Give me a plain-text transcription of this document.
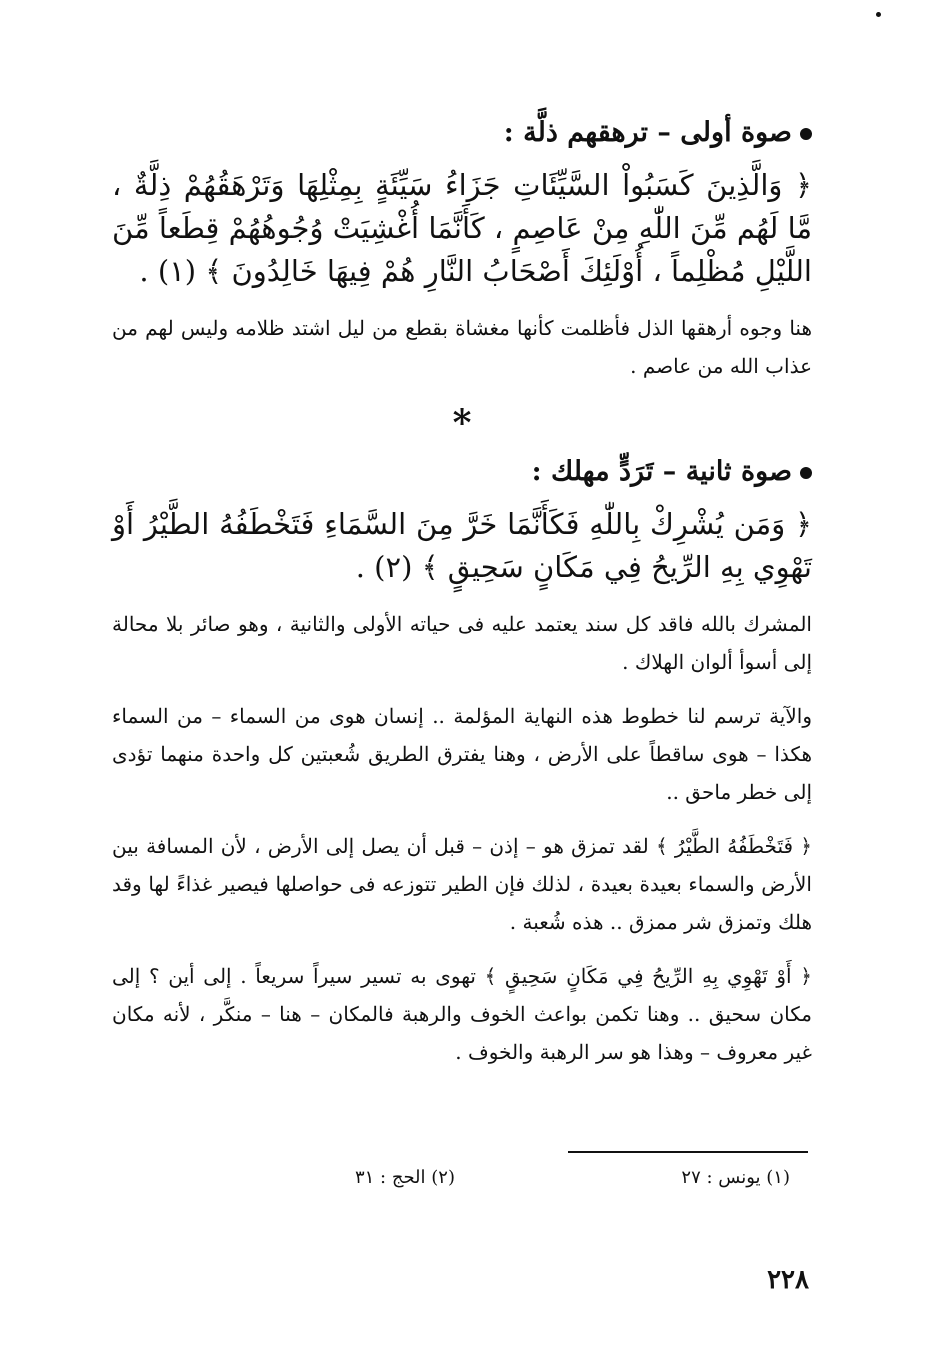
صوة أولى – ترهقهم ذلَّة :

﴿ وَالَّذِينَ كَسَبُواْ السَّيِّئَاتِ جَزَاءُ سَيِّئَةٍ بِمِثْلِهَا وَتَرْهَقُهُمْ ذِلَّةٌ ، مَّا لَهُم مِّنَ اللّٰهِ مِنْ عَاصِمٍ ، كَأَنَّمَا أُغْشِيَتْ وُجُوهُهُمْ قِطَعاً مِّنَ اللَّيْلِ مُظْلِماً ، أُوْلَئِكَ أَصْحَابُ النَّارِ هُمْ فِيهَا خَالِدُونَ ﴾ (١) .

هنا وجوه أرهقها الذل فأظلمت كأنها مغشاة بقطع من ليل اشتد ظلامه وليس لهم من عذاب الله من عاصم .

*
صوة ثانية – تَرَدٍّ مهلك :

﴿ وَمَن يُشْرِكْ بِاللّٰهِ فَكَأَنَّمَا خَرَّ مِنَ السَّمَاءِ فَتَخْطَفُهُ الطَّيْرُ أَوْ تَهْوِي بِهِ الرِّيحُ فِي مَكَانٍ سَحِيقٍ ﴾ (٢) .

المشرك بالله فاقد كل سند يعتمد عليه فى حياته الأولى والثانية ، وهو صائر بلا محالة إلى أسوأ ألوان الهلاك .

والآية ترسم لنا خطوط هذه النهاية المؤلمة .. إنسان هوى من السماء – من السماء هكذا – هوى ساقطاً على الأرض ، وهنا يفترق الطريق شُعبتين كل واحدة منهما تؤدى إلى خطر ماحق ..

﴿ فَتَخْطَفُهُ الطَّيْرُ ﴾ لقد تمزق هو – إذن – قبل أن يصل إلى الأرض ، لأن المسافة بين الأرض والسماء بعيدة بعيدة ، لذلك فإن الطير تتوزعه فى حواصلها فيصير غذاءً لها وقد هلك وتمزق شر ممزق .. هذه شُعبة .

﴿ أَوْ تَهْوِي بِهِ الرِّيحُ فِي مَكَانٍ سَحِيقٍ ﴾ تهوى به تسير سيراً سريعاً . إلى أين ؟ إلى مكان سحيق .. وهنا تكمن بواعث الخوف والرهبة فالمكان – هنا – منكَّر ، لأنه مكان غير معروف – وهذا هو سر الرهبة والخوف .

(١) يونس : ٢٧
(٢) الحج : ٣١
٢٢٨
